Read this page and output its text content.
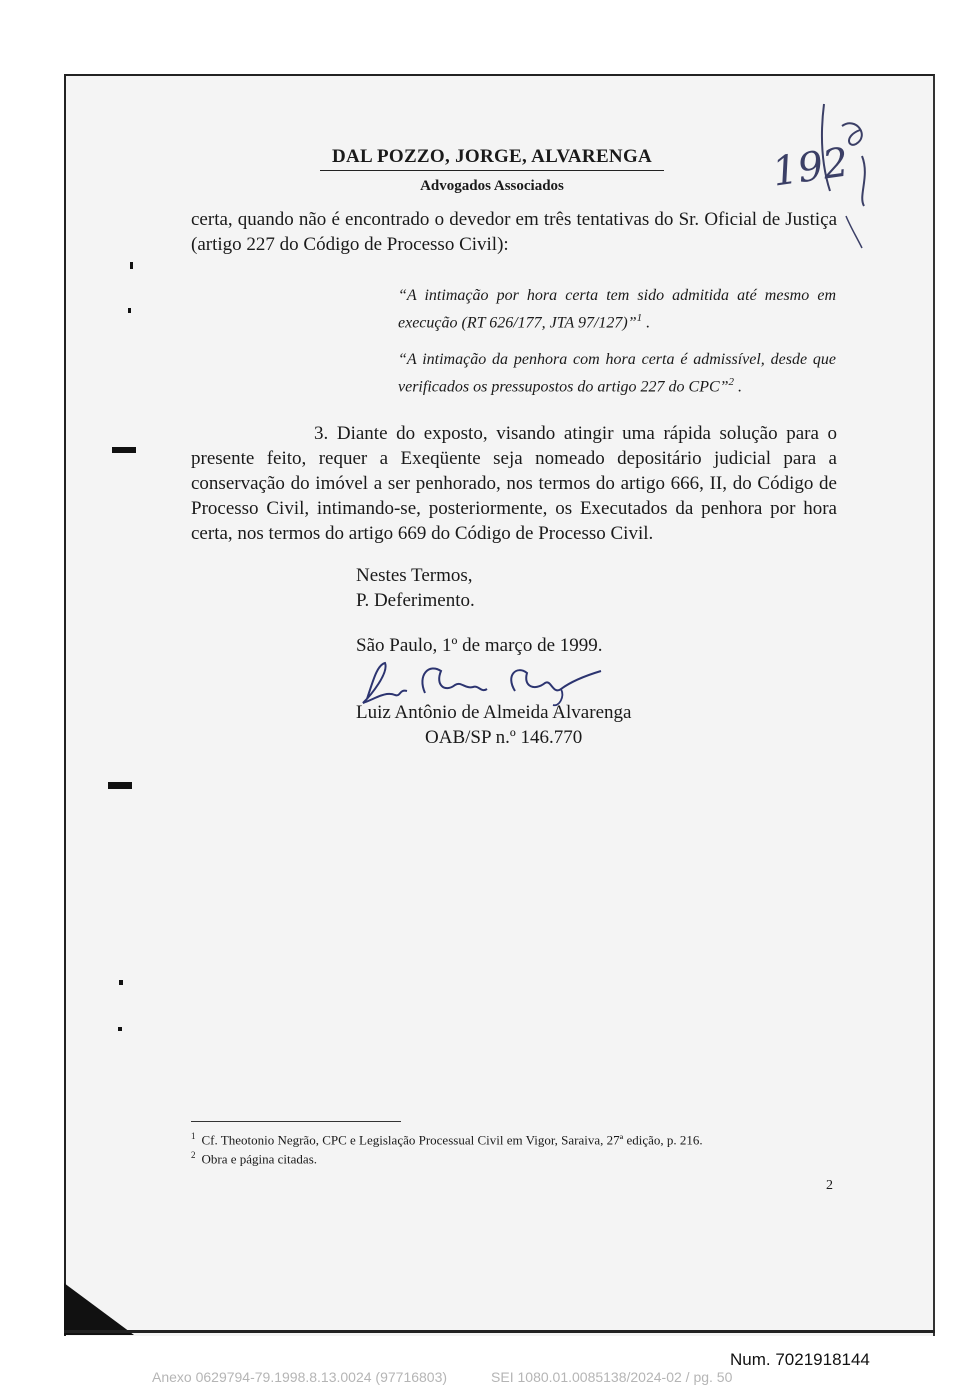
DAL POZZO, JORGE, ALVARENGA
Advogados Associados	192
certa, quando não é encontrado o devedor em três tentativas do Sr. Oficial de Justiça (artigo 227 do Código de Processo Civil):
“A intimação por hora certa tem sido admitida até mesmo em execução (RT 626/177, JTA 97/127)”$^1$ .
“A intimação da penhora com hora certa é admissível, desde que verificados os pressupostos do artigo 227 do CPC”$^2$ .
3. Diante do exposto, visando atingir uma rápida solução para o presente feito, requer a Exeqüente seja nomeado depositário judicial para a conservação do imóvel a ser penhorado, nos termos do artigo 666, II, do Código de Processo Civil, intimando-se, posteriormente, os Executados da penhora por hora certa, nos termos do artigo 669 do Código de Processo Civil.
Nestes Termos,
P. Deferimento.
São Paulo, 1º de março de 1999.
Luiz Antônio de Almeida Alvarenga
OAB/SP n.º 146.770
$^1$ Cf. Theotonio Negrão, CPC e Legislação Processual Civil em Vigor, Saraiva, 27ª edição, p. 216.
$^2$ Obra e página citadas.
2
Num. 7021918144
Anexo 0629794-79.1998.8.13.0024 (97716803)	SEI 1080.01.0085138/2024-02 / pg. 50
